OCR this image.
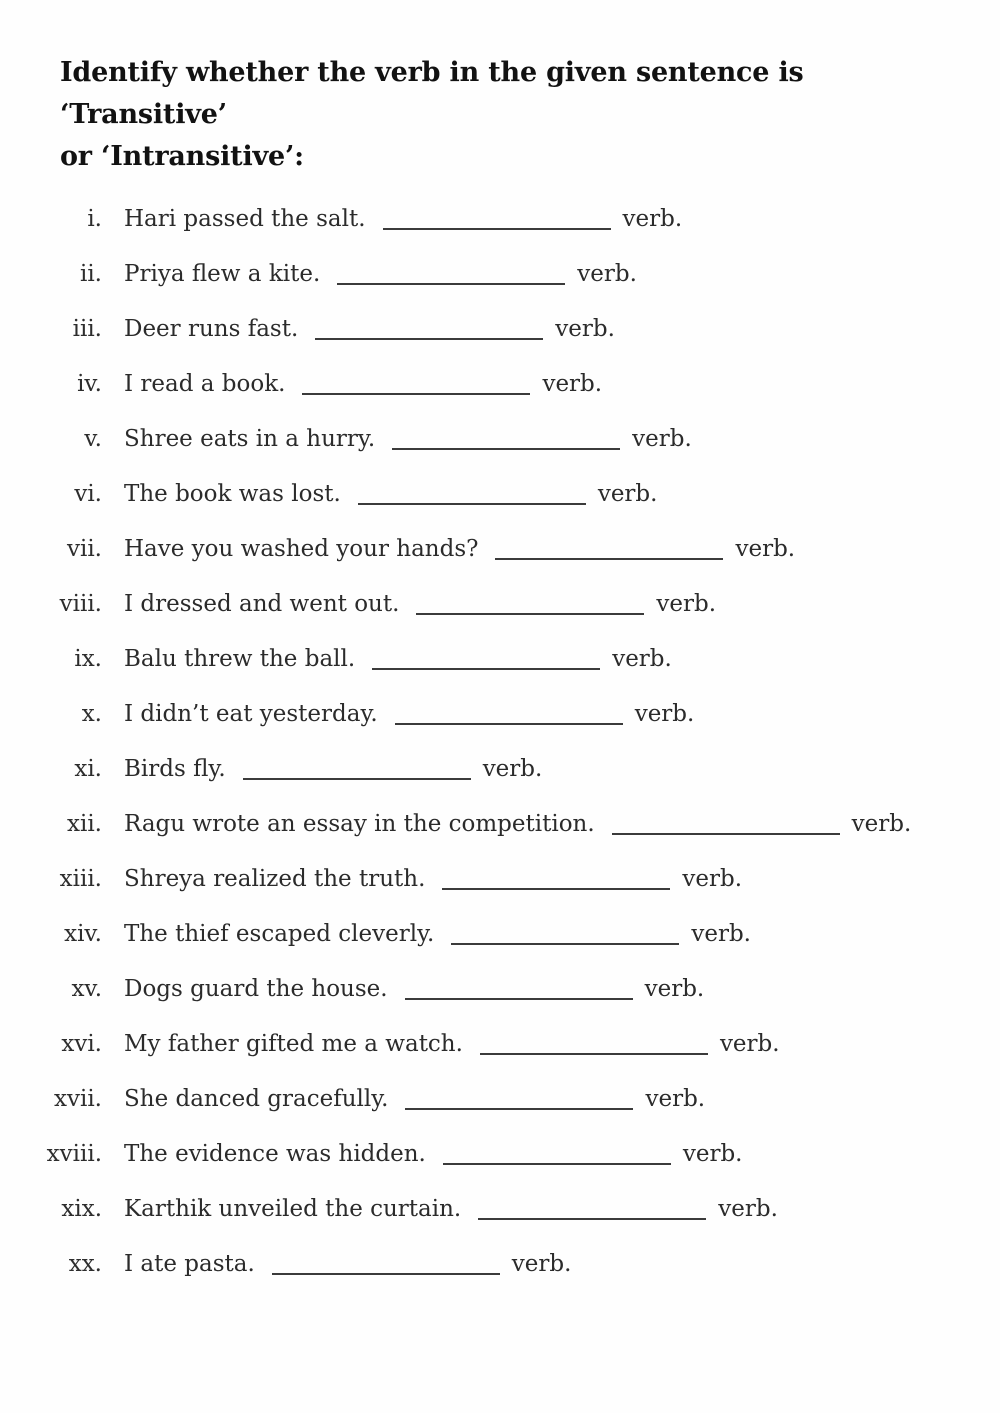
Identify whether the verb in the given sentence is ‘Transitive’
or ‘Intransitive’:
i. Hari passed the salt.	verb.
ii. Priya flew a kite.	verb.
iii. Deer runs fast.	verb.
iv. I read a book.	verb.
v. Shree eats in a hurry.	verb.
vi. The book was lost.	verb.
vii. Have you washed your hands?	verb.
viii. I dressed and went out.	verb.
ix. Balu threw the ball.	verb.
x. I didn’t eat yesterday.	verb.
xi. Birds fly.	verb.
xii. Ragu wrote an essay in the competition.	verb.
xiii. Shreya realized the truth.	verb.
xiv. The thief escaped cleverly.	verb.
xv. Dogs guard the house.	verb.
xvi. My father gifted me a watch.	verb.
xvii. She danced gracefully.	verb.
xviii. The evidence was hidden.	verb.
xix. Karthik unveiled the curtain.	verb.
xx. I ate pasta.	verb.
